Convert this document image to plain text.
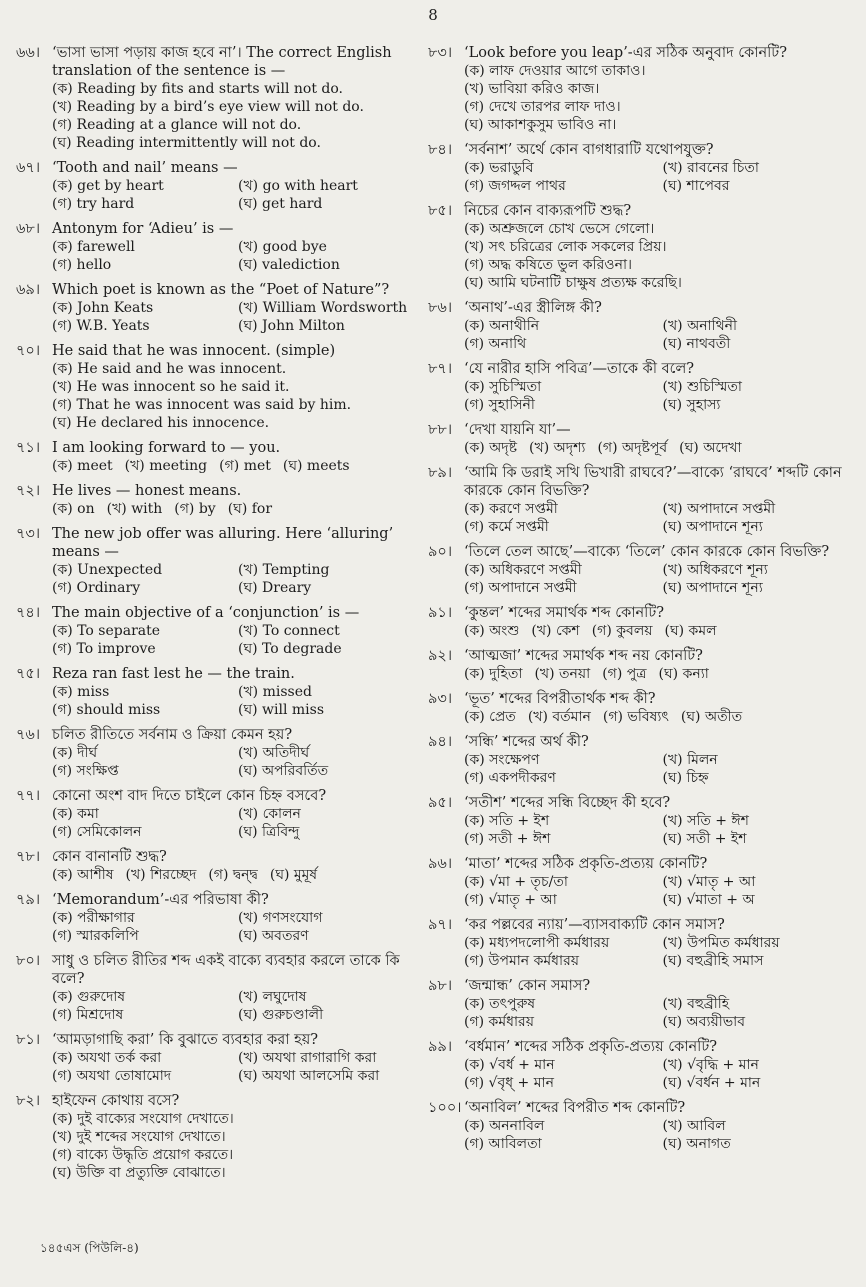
8
৬৬। ‘ভাসা ভাসা পড়ায় কাজ হবে না’। The correct English translation of the sentence is —
(ক) Reading by fits and starts will not do.
(খ) Reading by a bird’s eye view will not do.
(গ) Reading at a glance will not do.
(ঘ) Reading intermittently will not do.
৬৭। ‘Tooth and nail’ means —
(ক) get by heart	(খ) go with heart
(গ) try hard	(ঘ) get hard
৬৮। Antonym for ‘Adieu’ is —
(ক) farewell	(খ) good bye
(গ) hello	(ঘ) valediction
৬৯। Which poet is known as the “Poet of Nature”?
(ক) John Keats	(খ) William Wordsworth
(গ) W.B. Yeats	(ঘ) John Milton
৭০। He said that he was innocent. (simple)
(ক) He said and he was innocent.
(খ) He was innocent so he said it.
(গ) That he was innocent was said by him.
(ঘ) He declared his innocence.
৭১। I am looking forward to — you.
(ক) meet (খ) meeting (গ) met (ঘ) meets
৭২। He lives — honest means.
(ক) on (খ) with (গ) by (ঘ) for
৭৩। The new job offer was alluring. Here ‘alluring’ means —
(ক) Unexpected	(খ) Tempting
(গ) Ordinary	(ঘ) Dreary
৭৪। The main objective of a ‘conjunction’ is —
(ক) To separate	(খ) To connect
(গ) To improve	(ঘ) To degrade
৭৫। Reza ran fast lest he — the train.
(ক) miss	(খ) missed
(গ) should miss	(ঘ) will miss
৭৬। চলিত রীতিতে সর্বনাম ও ক্রিয়া কেমন হয়?
(ক) দীর্ঘ	(খ) অতিদীর্ঘ
(গ) সংক্ষিপ্ত	(ঘ) অপরিবর্তিত
৭৭। কোনো অংশ বাদ দিতে চাইলে কোন চিহ্ন বসবে?
(ক) কমা	(খ) কোলন
(গ) সেমিকোলন	(ঘ) ত্রিবিন্দু
৭৮। কোন বানানটি শুদ্ধ?
(ক) আশীষ (খ) শিরচ্ছেদ (গ) দ্বন্দ্ব (ঘ) মুমূর্ষ
৭৯। ‘Memorandum’-এর পরিভাষা কী?
(ক) পরীক্ষাগার	(খ) গণসংযোগ
(গ) স্মারকলিপি	(ঘ) অবতরণ
৮০। সাধু ও চলিত রীতির শব্দ একই বাক্যে ব্যবহার করলে তাকে কি বলে?
(ক) গুরুদোষ	(খ) লঘুদোষ
(গ) মিশ্রদোষ	(ঘ) গুরুচণ্ডালী
৮১। ‘আমড়াগাছি করা’ কি বুঝাতে ব্যবহার করা হয়?
(ক) অযথা তর্ক করা	(খ) অযথা রাগারাগি করা
(গ) অযথা তোষামোদ	(ঘ) অযথা আলসেমি করা
৮২। হাইফেন কোথায় বসে?
(ক) দুই বাক্যের সংযোগ দেখাতে।
(খ) দুই শব্দের সংযোগ দেখাতে।
(গ) বাক্যে উদ্ধৃতি প্রয়োগ করতে।
(ঘ) উক্তি বা প্রত্যুক্তি বোঝাতে।
৮৩। ‘Look before you leap’-এর সঠিক অনুবাদ কোনটি?
(ক) লাফ দেওয়ার আগে তাকাও।
(খ) ভাবিয়া করিও কাজ।
(গ) দেখে তারপর লাফ দাও।
(ঘ) আকাশকুসুম ভাবিও না।
৮৪। ‘সর্বনাশ’ অর্থে কোন বাগধারাটি যথোপযুক্ত?
(ক) ভরাডুবি	(খ) রাবনের চিতা
(গ) জগদ্দল পাথর	(ঘ) শাপেবর
৮৫। নিচের কোন বাক্যরূপটি শুদ্ধ?
(ক) অশ্রুজলে চোখ ভেসে গেলো।
(খ) সৎ চরিত্রের লোক সকলের প্রিয়।
(গ) অদ্ধ কষিতে ভুল করিওনা।
(ঘ) আমি ঘটনাটি চাক্ষুষ প্রত্যক্ষ করেছি।
৮৬। ‘অনাথ’-এর স্ত্রীলিঙ্গ কী?
(ক) অনাথীনি	(খ) অনাথিনী
(গ) অনাথি	(ঘ) নাথবতী
৮৭। ‘যে নারীর হাসি পবিত্র’—তাকে কী বলে?
(ক) সুচিস্মিতা	(খ) শুচিস্মিতা
(গ) সুহাসিনী	(ঘ) সুহাস্য
৮৮। ‘দেখা যায়নি যা’—
(ক) অদৃষ্ট (খ) অদৃশ্য (গ) অদৃষ্টপূর্ব (ঘ) অদেখা
৮৯। ‘আমি কি ডরাই সখি ভিখারী রাঘবে?’—বাক্যে ‘রাঘবে’ শব্দটি কোন কারকে কোন বিভক্তি?
(ক) করণে সপ্তমী	(খ) অপাদানে সপ্তমী
(গ) কর্মে সপ্তমী	(ঘ) অপাদানে শূন্য
৯০। ‘তিলে তেল আছে’—বাক্যে ‘তিলে’ কোন কারকে কোন বিভক্তি?
(ক) অধিকরণে সপ্তমী	(খ) অধিকরণে শূন্য
(গ) অপাদানে সপ্তমী	(ঘ) অপাদানে শূন্য
৯১। ‘কুন্তল’ শব্দের সমার্থক শব্দ কোনটি?
(ক) অংশু (খ) কেশ (গ) কুবলয় (ঘ) কমল
৯২। ‘আত্মজা’ শব্দের সমার্থক শব্দ নয় কোনটি?
(ক) দুহিতা (খ) তনয়া (গ) পুত্র (ঘ) কন্যা
৯৩। ‘ভূত’ শব্দের বিপরীতার্থক শব্দ কী?
(ক) প্রেত (খ) বর্তমান (গ) ভবিষ্যৎ (ঘ) অতীত
৯৪। ‘সন্ধি’ শব্দের অর্থ কী?
(ক) সংক্ষেপণ	(খ) মিলন
(গ) একপদীকরণ	(ঘ) চিহ্ন
৯৫। ‘সতীশ’ শব্দের সন্ধি বিচ্ছেদ কী হবে?
(ক) সতি + ইশ	(খ) সতি + ঈশ
(গ) সতী + ঈশ	(ঘ) সতী + ইশ
৯৬। ‘মাতা’ শব্দের সঠিক প্রকৃতি-প্রত্যয় কোনটি?
(ক) √মা + তৃচ/তা	(খ) √মাতৃ + আ
(গ) √মাতৃ + আ	(ঘ) √মাতা + অ
৯৭। ‘কর পল্লবের ন্যায়’—ব্যাসবাক্যটি কোন সমাস?
(ক) মধ্যপদলোপী কর্মধারয়	(খ) উপমিত কর্মধারয়
(গ) উপমান কর্মধারয়	(ঘ) বহুব্রীহি সমাস
৯৮। ‘জন্মান্ধ’ কোন সমাস?
(ক) তৎপুরুষ	(খ) বহুব্রীহি
(গ) কর্মধারয়	(ঘ) অব্যয়ীভাব
৯৯। ‘বর্ধমান’ শব্দের সঠিক প্রকৃতি-প্রত্যয় কোনটি?
(ক) √বর্ধ + মান	(খ) √বৃদ্ধি + মান
(গ) √বৃধ্ + মান	(ঘ) √বর্ধন + মান
১০০। ‘অনাবিল’ শব্দের বিপরীত শব্দ কোনটি?
(ক) অননাবিল	(খ) আবিল
(গ) আবিলতা	(ঘ) অনাগত
১৪৫এস (পিউলি-৪)
